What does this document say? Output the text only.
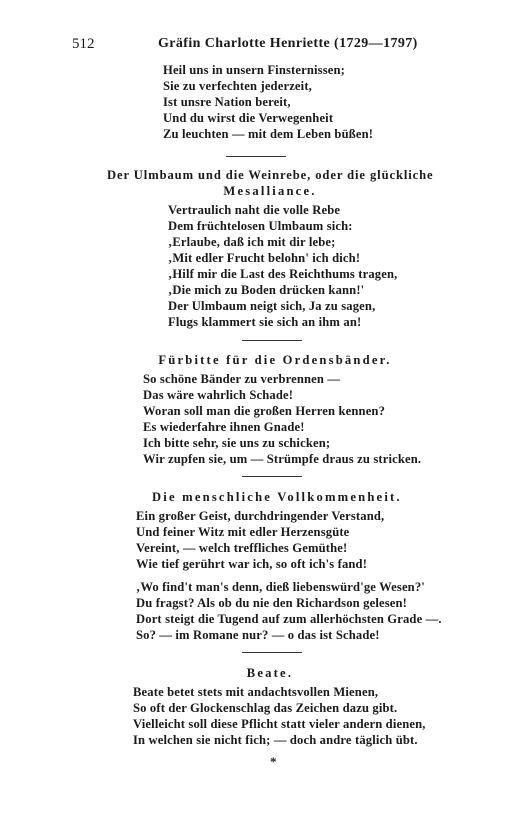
512	Gräfin Charlotte Henriette (1729—1797)
Heil uns in unsern Finsternissen;
Sie zu verfechten jederzeit,
Ist unsre Nation bereit,
Und du wirst die Verwegenheit
Zu leuchten — mit dem Leben büßen!
Der Ulmbaum und die Weinrebe, oder die glückliche
Mesalliance.
Vertraulich naht die volle Rebe
Dem früchtelosen Ulmbaum sich:
‚Erlaube, daß ich mit dir lebe;
‚Mit edler Frucht belohn' ich dich!
‚Hilf mir die Last des Reichthums tragen,
‚Die mich zu Boden drücken kann!'
Der Ulmbaum neigt sich, Ja zu sagen,
Flugs klammert sie sich an ihm an!
Fürbitte für die Ordensbänder.
So schöne Bänder zu verbrennen —
Das wäre wahrlich Schade!
Woran soll man die großen Herren kennen?
Es wiederfahre ihnen Gnade!
Ich bitte sehr, sie uns zu schicken;
Wir zupfen sie, um — Strümpfe draus zu stricken.
Die menschliche Vollkommenheit.
Ein großer Geist, durchdringender Verstand,
Und feiner Witz mit edler Herzensgüte
Vereint, — welch treffliches Gemüthe!
Wie tief gerührt war ich, so oft ich's fand!
‚Wo find't man's denn, dieß liebenswürd'ge Wesen?'
Du fragst? Als ob du nie den Richardson gelesen!
Dort steigt die Tugend auf zum allerhöchsten Grade —.
So? — im Romane nur? — o das ist Schade!
Beate.
Beate betet stets mit andachtsvollen Mienen,
So oft der Glockenschlag das Zeichen dazu gibt.
Vielleicht soll diese Pflicht statt vieler andern dienen,
In welchen sie nicht fich; — doch andre täglich übt.
*
